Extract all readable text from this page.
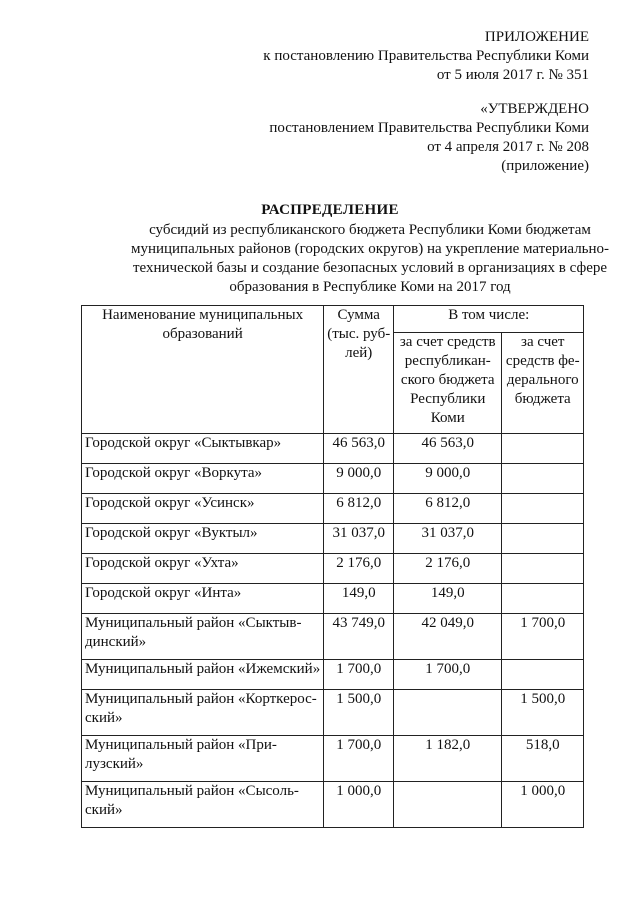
ПРИЛОЖЕНИЕ
к постановлению Правительства Республики Коми
от 5 июля 2017 г. № 351
«УТВЕРЖДЕНО
постановлением Правительства Республики Коми
от 4 апреля 2017 г. № 208
(приложение)
РАСПРЕДЕЛЕНИЕ
субсидий из республиканского бюджета Республики Коми бюджетам
муниципальных районов (городских округов) на укрепление материально-
технической базы и создание безопасных условий в организациях в сфере
образования в Республике Коми на 2017 год
Наименование муниципальных
образований	Сумма
(тыс. руб-
лей)	В том числе:	

		за счет средств
республикан-
ского бюджета
Республики
Коми	за счет
средств фе-
дерального
бюджета

Городской округ «Сыктывкар»	46 563,0	46 563,0	

Городской округ «Воркута»	9 000,0	9 000,0	

Городской округ «Усинск»	6 812,0	6 812,0	

Городской округ «Вуктыл»	31 037,0	31 037,0	

Городской округ «Ухта»	2 176,0	2 176,0	

Городской округ «Инта»	149,0	149,0	

Муниципальный район «Сыктыв-
динский»	43 749,0	42 049,0	1 700,0

Муниципальный район «Ижемский»	1 700,0	1 700,0	

Муниципальный район «Корткерос-
ский»	1 500,0		1 500,0

Муниципальный район «При-
лузский»	1 700,0	1 182,0	518,0

Муниципальный район «Сысоль-
ский»	1 000,0		1 000,0
